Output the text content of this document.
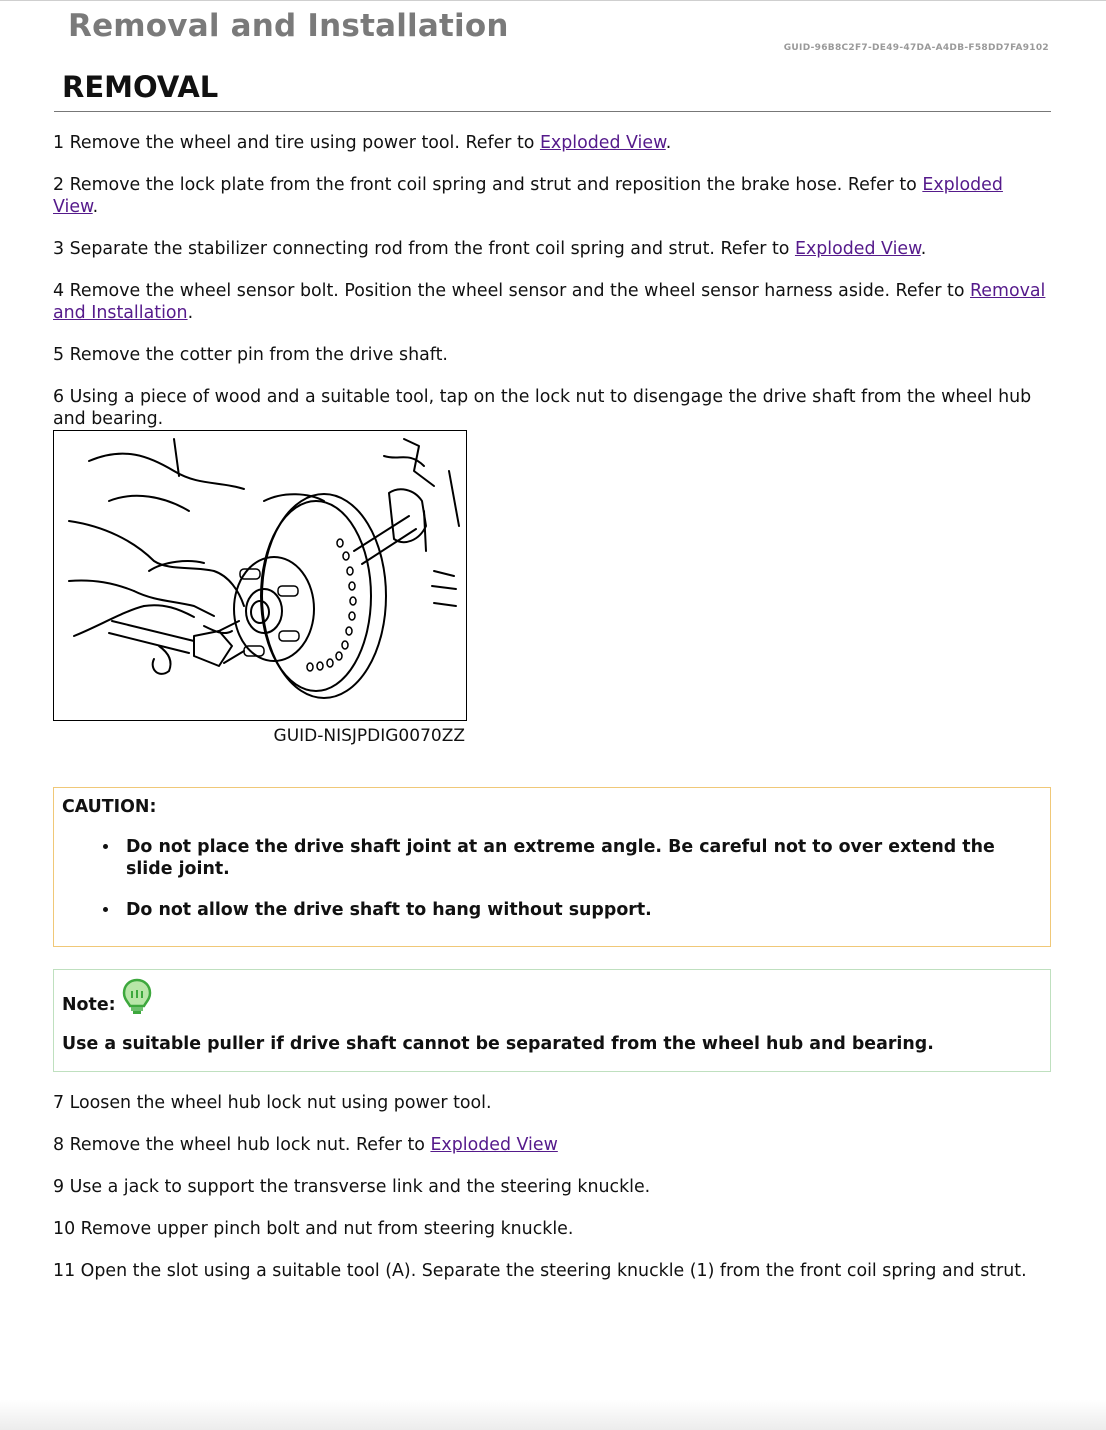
Removal and Installation
GUID-96B8C2F7-DE49-47DA-A4DB-F58DD7FA9102
REMOVAL

1 Remove the wheel and tire using power tool. Refer to Exploded View.

2 Remove the lock plate from the front coil spring and strut and reposition the brake hose. Refer to Exploded View.

3 Separate the stabilizer connecting rod from the front coil spring and strut. Refer to Exploded View.

4 Remove the wheel sensor bolt. Position the wheel sensor and the wheel sensor harness aside. Refer to Removal and Installation.

5 Remove the cotter pin from the drive shaft.

6 Using a piece of wood and a suitable tool, tap on the lock nut to disengage the drive shaft from the wheel hub and bearing.

GUID-NISJPDIG0070ZZ

CAUTION:

• Do not place the drive shaft joint at an extreme angle. Be careful not to over extend the slide joint.
• Do not allow the drive shaft to hang without support.
Note:
Use a suitable puller if drive shaft cannot be separated from the wheel hub and bearing.

7 Loosen the wheel hub lock nut using power tool.

8 Remove the wheel hub lock nut. Refer to Exploded View

9 Use a jack to support the transverse link and the steering knuckle.

10 Remove upper pinch bolt and nut from steering knuckle.

11 Open the slot using a suitable tool (A). Separate the steering knuckle (1) from the front coil spring and strut.
